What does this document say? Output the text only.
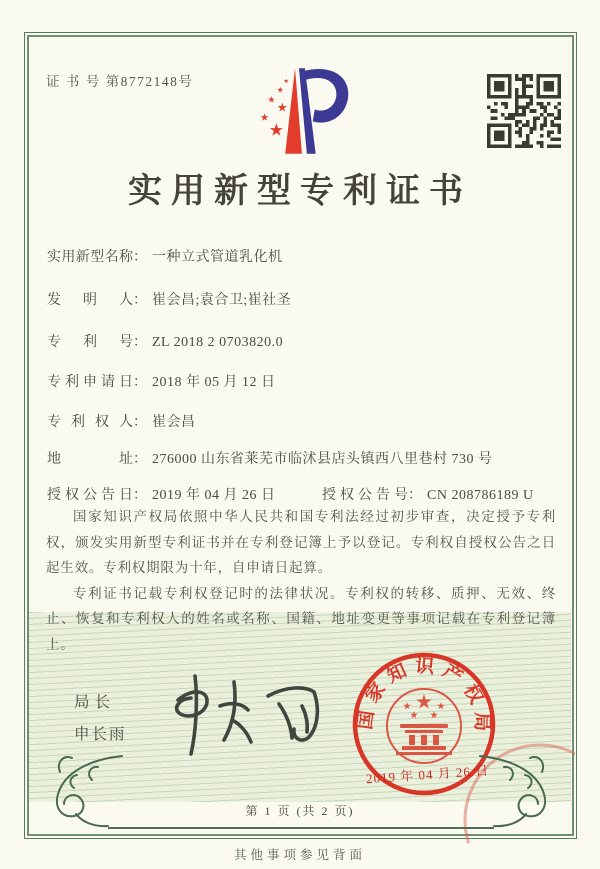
证 书 号 第8772148号
实用新型专利证书
实用新型名称： 一种立式管道乳化机
发明人： 崔会昌;袁合卫;崔社圣
专利号： ZL 2018 2 0703820.0
专利申请日： 2018 年 05 月 12 日
专利权人： 崔会昌
地址： 276000 山东省莱芜市临沭县店头镇西八里巷村 730 号
授权公告日： 2019 年 04 月 26 日	授权公告号： CN 208786189 U

国家知识产权局依照中华人民共和国专利法经过初步审查，决定授予专利权，颁发实用新型专利证书并在专利登记簿上予以登记。专利权自授权公告之日起生效。专利权期限为十年，自申请日起算。

专利证书记载专利权登记时的法律状况。专利权的转移、质押、无效、终止、恢复和专利权人的姓名或名称、国籍、地址变更等事项记载在专利登记簿上。

局长
申长雨
国家知识产权局
2019 年 04 月 26 日
第 1 页 (共 2 页)
其他事项参见背面
